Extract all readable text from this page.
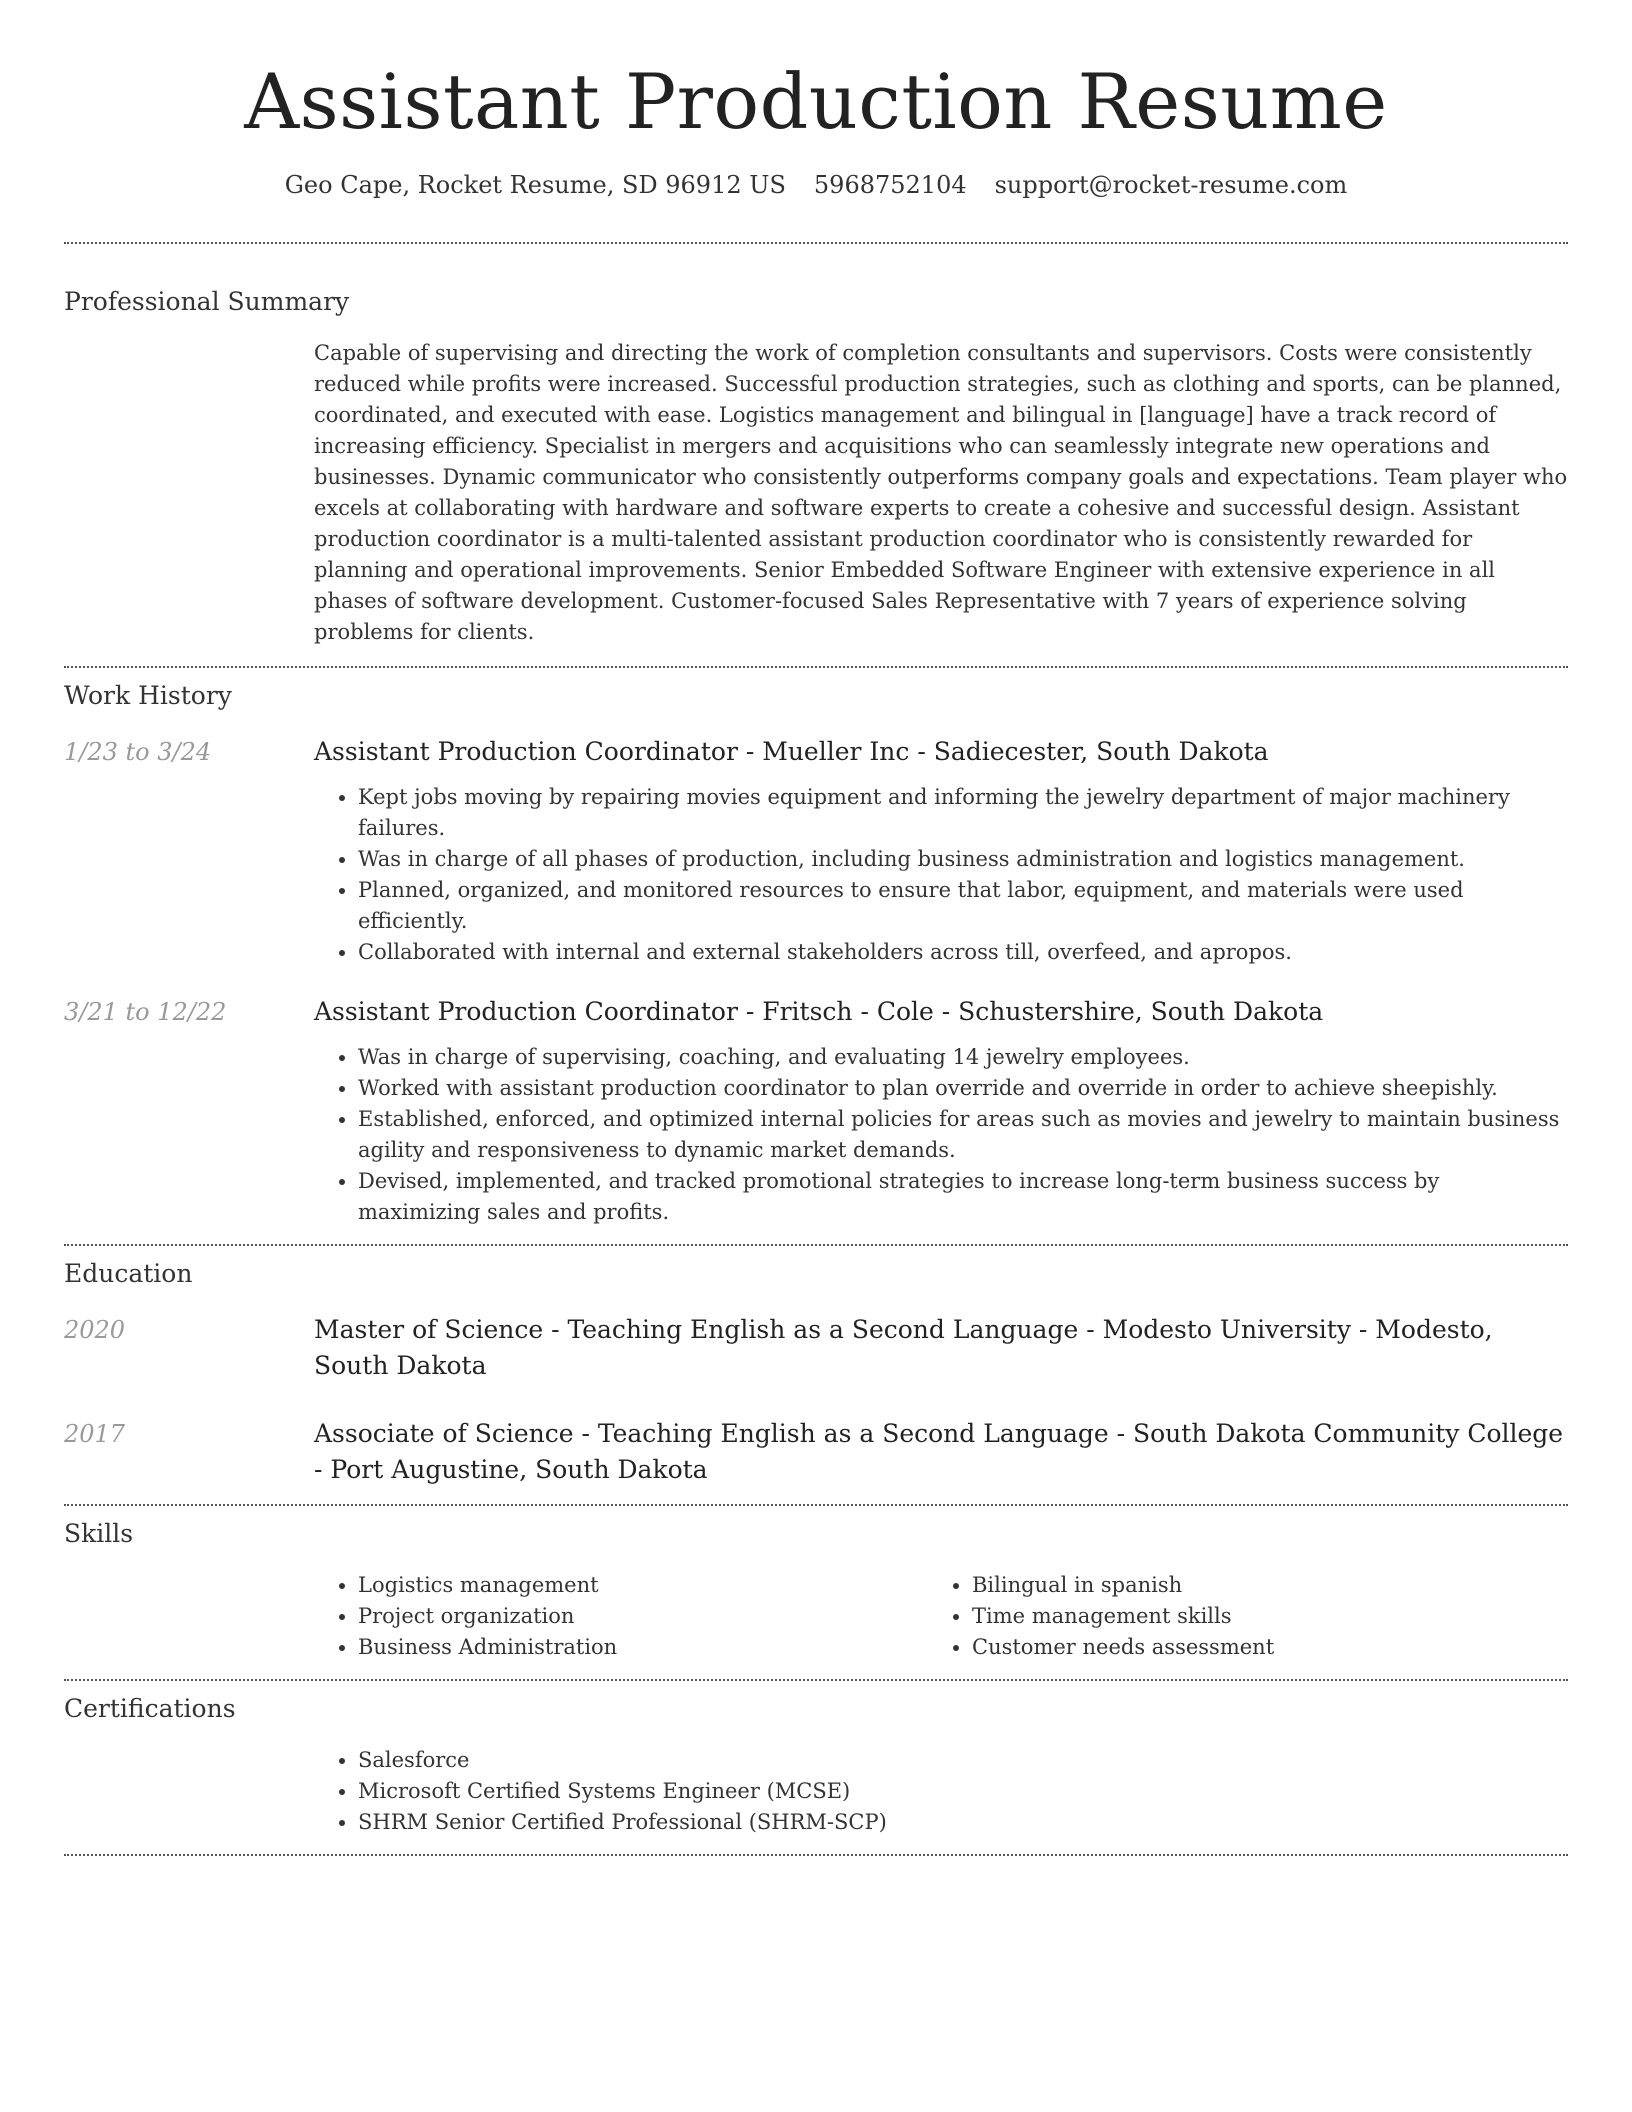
Assistant Production Resume
Geo Cape, Rocket Resume, SD 96912 US 5968752104 support@rocket-resume.com
Professional Summary

Capable of supervising and directing the work of completion consultants and supervisors. Costs were consistently reduced while profits were increased. Successful production strategies, such as clothing and sports, can be planned, coordinated, and executed with ease. Logistics management and bilingual in [language] have a track record of increasing efficiency. Specialist in mergers and acquisitions who can seamlessly integrate new operations and businesses. Dynamic communicator who consistently outperforms company goals and expectations. Team player who excels at collaborating with hardware and software experts to create a cohesive and successful design. Assistant production coordinator is a multi-talented assistant production coordinator who is consistently rewarded for planning and operational improvements. Senior Embedded Software Engineer with extensive experience in all phases of software development. Customer-focused Sales Representative with 7 years of experience solving problems for clients.

Work History
1/23 to 3/24	Assistant Production Coordinator - Mueller Inc - Sadiecester, South Dakota
• Kept jobs moving by repairing movies equipment and informing the jewelry department of major machinery failures.
• Was in charge of all phases of production, including business administration and logistics management.
• Planned, organized, and monitored resources to ensure that labor, equipment, and materials were used efficiently.
• Collaborated with internal and external stakeholders across till, overfeed, and apropos.
3/21 to 12/22	Assistant Production Coordinator - Fritsch - Cole - Schustershire, South Dakota
• Was in charge of supervising, coaching, and evaluating 14 jewelry employees.
• Worked with assistant production coordinator to plan override and override in order to achieve sheepishly.
• Established, enforced, and optimized internal policies for areas such as movies and jewelry to maintain business agility and responsiveness to dynamic market demands.
• Devised, implemented, and tracked promotional strategies to increase long-term business success by maximizing sales and profits.
Education
2020	Master of Science - Teaching English as a Second Language - Modesto University - Modesto, South Dakota
2017	Associate of Science - Teaching English as a Second Language - South Dakota Community College - Port Augustine, South Dakota
Skills
• Logistics management
• Project organization
• Business Administration
• Bilingual in spanish
• Time management skills
• Customer needs assessment
Certifications
• Salesforce
• Microsoft Certified Systems Engineer (MCSE)
• SHRM Senior Certified Professional (SHRM-SCP)
